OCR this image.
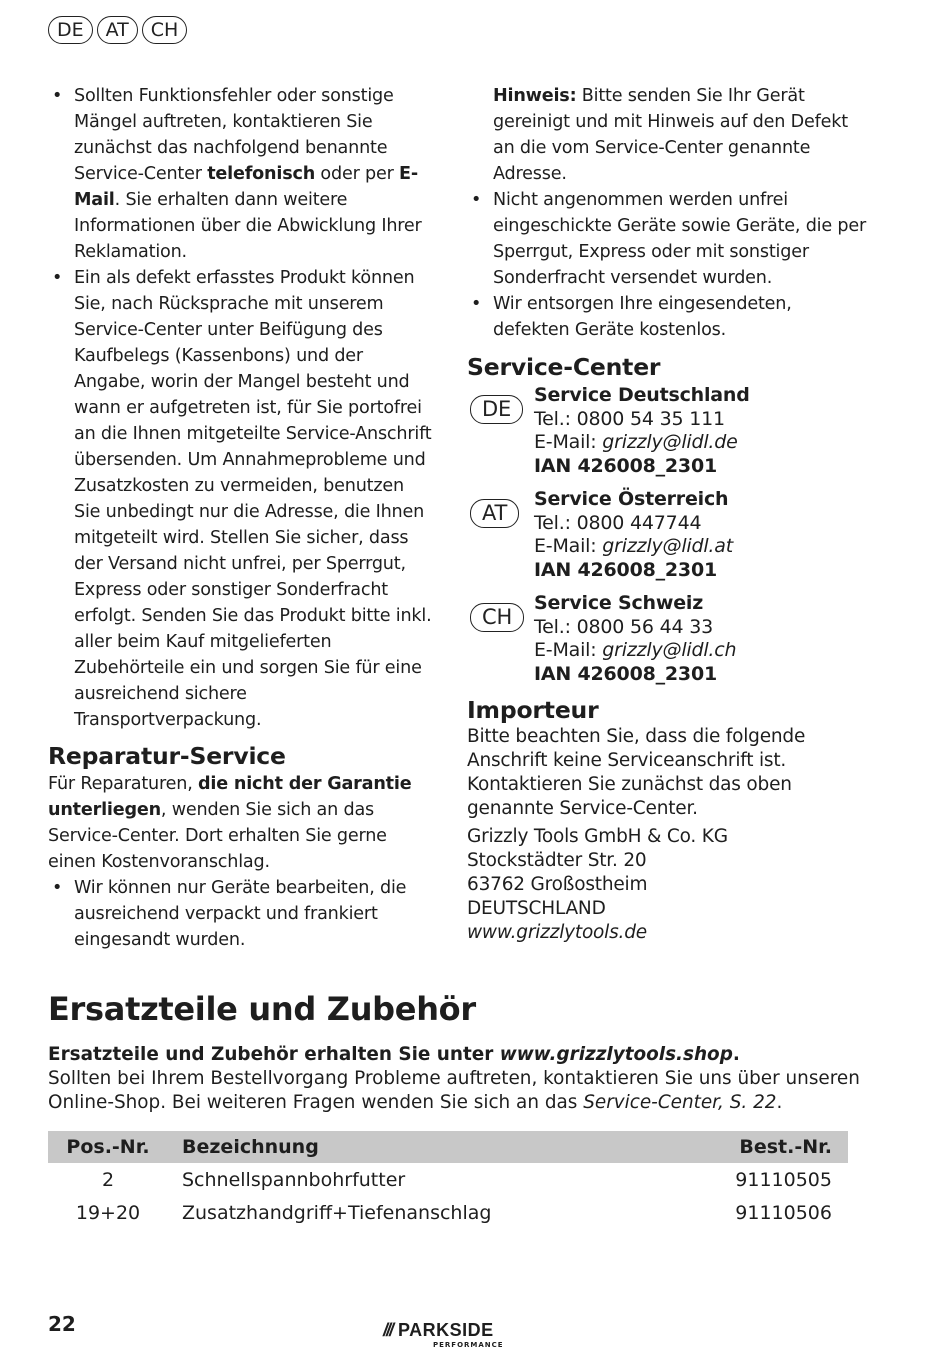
DE	AT	CH
• Sollten Funktionsfehler oder sonstige Mängel auftreten, kontaktieren Sie zunächst das nachfolgend benannte Service-Center telefonisch oder per E-Mail. Sie erhalten dann weitere Informationen über die Abwicklung Ihrer Reklamation.
• Ein als defekt erfasstes Produkt können Sie, nach Rücksprache mit unserem Service-Center unter Beifügung des Kaufbelegs (Kassenbons) und der Angabe, worin der Mangel besteht und wann er aufgetreten ist, für Sie portofrei an die Ihnen mitgeteilte Service-Anschrift übersenden. Um Annahmeprobleme und Zusatzkosten zu vermeiden, benutzen Sie unbedingt nur die Adresse, die Ihnen mitgeteilt wird. Stellen Sie sicher, dass der Versand nicht unfrei, per Sperrgut, Express oder sonstiger Sonderfracht erfolgt. Senden Sie das Produkt bitte inkl. aller beim Kauf mitgelieferten Zubehörteile ein und sorgen Sie für eine ausreichend sichere Transportverpackung.
Reparatur-Service

Für Reparaturen, die nicht der Garantie unterliegen, wenden Sie sich an das Service-Center. Dort erhalten Sie gerne einen Kostenvoranschlag.

• Wir können nur Geräte bearbeiten, die ausreichend verpackt und frankiert eingesandt wurden.

Hinweis: Bitte senden Sie Ihr Gerät gereinigt und mit Hinweis auf den Defekt an die vom Service-Center genannte Adresse.

• Nicht angenommen werden unfrei eingeschickte Geräte sowie Geräte, die per Sperrgut, Express oder mit sonstiger Sonderfracht versendet wurden.
• Wir entsorgen Ihre eingesendeten, defekten Geräte kostenlos.
Service-Center
DE
Service Deutschland
Tel.: 0800 54 35 111
E-Mail: grizzly@lidl.de
IAN 426008_2301
AT
Service Österreich
Tel.: 0800 447744
E-Mail: grizzly@lidl.at
IAN 426008_2301
CH
Service Schweiz
Tel.: 0800 56 44 33
E-Mail: grizzly@lidl.ch
IAN 426008_2301
Importeur

Bitte beachten Sie, dass die folgende Anschrift keine Serviceanschrift ist. Kontaktieren Sie zunächst das oben genannte Service-Center.

Grizzly Tools GmbH & Co. KG
Stockstädter Str. 20
63762 Großostheim
DEUTSCHLAND
www.grizzlytools.de
Ersatzteile und Zubehör
Ersatzteile und Zubehör erhalten Sie unter www.grizzlytools.shop.
Sollten bei Ihrem Bestellvorgang Probleme auftreten, kontaktieren Sie uns über unseren Online-Shop. Bei weiteren Fragen wenden Sie sich an das Service-Center, S. 22.
Pos.-Nr.	Bezeichnung	Best.-Nr.
2	Schnellspannbohrfutter	91110505
19+20	Zusatzhandgriff+Tiefenanschlag	91110506
22	/// PARKSIDE
PERFORMANCE
